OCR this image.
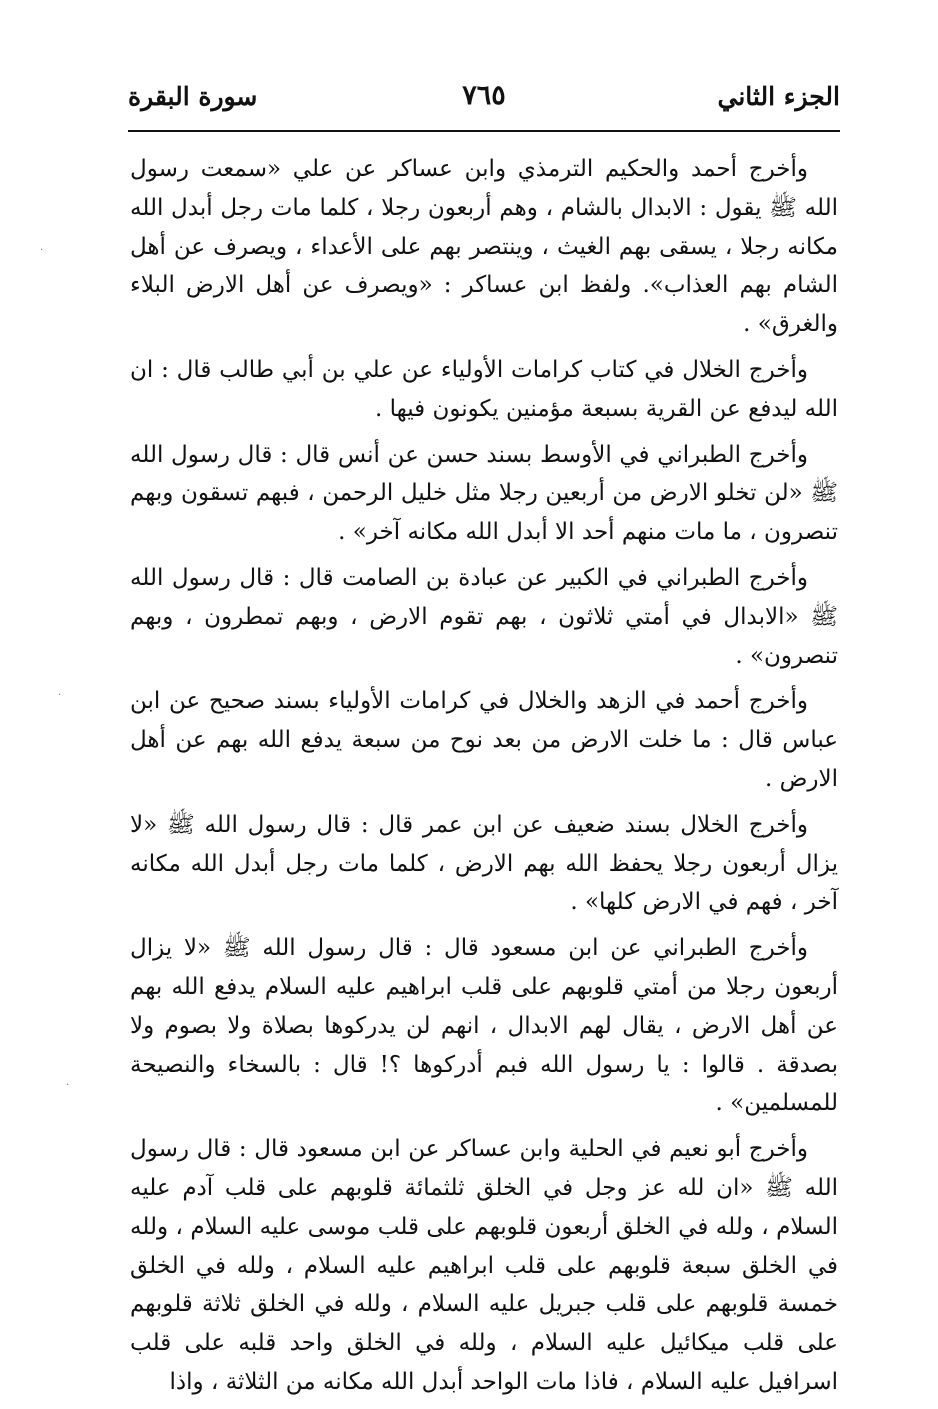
الجزء الثاني
٧٦٥
سورة البقرة

وأخرج أحمد والحكيم الترمذي وابن عساكر عن علي «سمعت رسول الله ﷺ يقول : الابدال بالشام ، وهم أربعون رجلا ، كلما مات رجل أبدل الله مكانه رجلا ، يسقى بهم الغيث ، وينتصر بهم على الأعداء ، ويصرف عن أهل الشام بهم العذاب». ولفظ ابن عساكر : «ويصرف عن أهل الارض البلاء والغرق» .

وأخرج الخلال في كتاب كرامات الأولياء عن علي بن أبي طالب قال : ان الله ليدفع عن القرية بسبعة مؤمنين يكونون فيها .

وأخرج الطبراني في الأوسط بسند حسن عن أنس قال : قال رسول الله ﷺ «لن تخلو الارض من أربعين رجلا مثل خليل الرحمن ، فبهم تسقون وبهم تنصرون ، ما مات منهم أحد الا أبدل الله مكانه آخر» .

وأخرج الطبراني في الكبير عن عبادة بن الصامت قال : قال رسول الله ﷺ «الابدال في أمتي ثلاثون ، بهم تقوم الارض ، وبهم تمطرون ، وبهم تنصرون» .

وأخرج أحمد في الزهد والخلال في كرامات الأولياء بسند صحيح عن ابن عباس قال : ما خلت الارض من بعد نوح من سبعة يدفع الله بهم عن أهل الارض .

وأخرج الخلال بسند ضعيف عن ابن عمر قال : قال رسول الله ﷺ «لا يزال أربعون رجلا يحفظ الله بهم الارض ، كلما مات رجل أبدل الله مكانه آخر ، فهم في الارض كلها» .

وأخرج الطبراني عن ابن مسعود قال : قال رسول الله ﷺ «لا يزال أربعون رجلا من أمتي قلوبهم على قلب ابراهيم عليه السلام يدفع الله بهم عن أهل الارض ، يقال لهم الابدال ، انهم لن يدركوها بصلاة ولا بصوم ولا بصدقة . قالوا : يا رسول الله فبم أدركوها ؟! قال : بالسخاء والنصيحة للمسلمين» .

وأخرج أبو نعيم في الحلية وابن عساكر عن ابن مسعود قال : قال رسول الله ﷺ «ان لله عز وجل في الخلق ثلثمائة قلوبهم على قلب آدم عليه السلام ، ولله في الخلق أربعون قلوبهم على قلب موسى عليه السلام ، ولله في الخلق سبعة قلوبهم على قلب ابراهيم عليه السلام ، ولله في الخلق خمسة قلوبهم على قلب جبريل عليه السلام ، ولله في الخلق ثلاثة قلوبهم على قلب ميكائيل عليه السلام ، ولله في الخلق واحد قلبه على قلب اسرافيل عليه السلام ، فاذا مات الواحد أبدل الله مكانه من الثلاثة ، واذا

·
·
·
